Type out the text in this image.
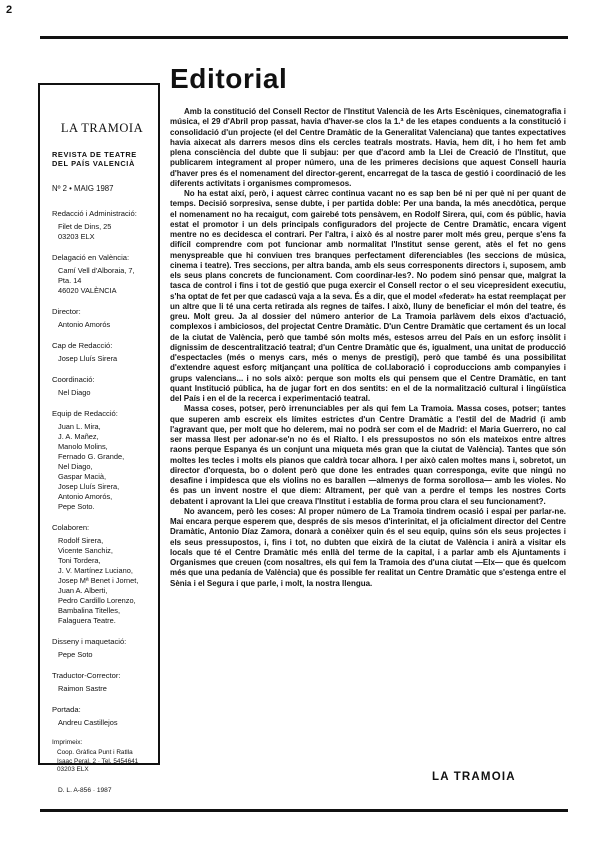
2
LA TRAMOIA
REVISTA DE TEATRE
DEL PAÍS VALENCIÀ
Nº 2 • MAIG 1987
Redacció i Administració:
Filet de Dins, 25
03203 ELX
Delagació en València:
Camí Vell d'Alboraia, 7,
Pta. 14
46020 VALÈNCIA
Director:
Antonio Amorós
Cap de Redacció:
Josep Lluís Sirera
Coordinació:
Nel Diago
Equip de Redacció:
Juan L. Mira,
J. A. Mañez,
Manolo Molins,
Fernado G. Grande,
Nel Diago,
Gaspar Macià,
Josep Lluís Sirera,
Antonio Amorós,
Pepe Soto.
Colaboren:
Rodolf Sirera,
Vicente Sanchiz,
Toni Tordera,
J. V. Martínez Luciano,
Josep Mª Benet i Jornet,
Juan A. Alberti,
Pedro Cardillo Lorenzo,
Bambalina Titelles,
Falaguera Teatre.
Disseny i maquetació:
Pepe Soto
Traductor-Corrector:
Raimon Sastre
Portada:
Andreu Castillejos
Imprimeix:
Coop. Gràfica Punt i Ratlla
Isaac Peral, 2 · Tel. 5454641
03203 ELX
D. L. A-856 · 1987
Editorial

Amb la constitució del Consell Rector de l'Institut Valencià de les Arts Escèniques, cinematografia i música, el 29 d'Abril prop passat, havia d'haver-se clos la 1.ª de les etapes conduents a la constitució i consolidació d'un projecte (el del Centre Dramàtic de la Generalitat Valenciana) que tantes expectatives havia aixecat als darrers mesos dins els cercles teatrals mostrats. Havia, hem dit, i ho hem fet amb plena consciència del dubte que li subjau: per que d'acord amb la Llei de Creació de l'Institut, que publicarem integrament al proper número, una de les primeres decisions que aquest Consell hauria d'haver pres és el nomenament del director-gerent, encarregat de la tasca de gestió i coordinació de les diferents activitats i organismes compromesos.

No ha estat així, però, i aquest càrrec continua vacant no es sap ben bé ni per què ni per quant de temps. Decisió sorpresiva, sense dubte, i per partida doble: Per una banda, la més anecdòtica, perque el nomenament no ha recaigut, com gairebé tots pensàvem, en Rodolf Sirera, qui, com és públic, havia estat el promotor i un dels principals configuradors del projecte de Centre Dramàtic, encara vigent mentre no es decidesca el contrari. Per l'altra, i això és al nostre parer molt més greu, perque s'ens fa difícil comprendre com pot funcionar amb normalitat l'Institut sense gerent, atès el fet no gens menyspreable que hi conviuen tres branques perfectament diferenciables (les seccions de música, cinema i teatre). Tres seccions, per altra banda, amb els seus corresponents directors i, suposem, amb els seus plans concrets de funcionament. Com coordinar-les?. No podem sinó pensar que, malgrat la tasca de control i fins i tot de gestió que puga exercir el Consell rector o el seu vicepresident executiu, s'ha optat de fet per que cadascú vaja a la seva. És a dir, que el model «federat» ha estat reemplaçat per un altre que li té una certa retirada als regnes de taifes. I això, lluny de beneficiar el món del teatre, és greu. Molt greu. Ja al dossier del número anterior de La Tramoia parlàvem dels eixos d'actuació, complexos i ambiciosos, del projectat Centre Dramàtic. D'un Centre Dramàtic que certament és un local de la ciutat de València, però que també són molts més, estesos arreu del País en un esforç insòlit i dignissim de descentralització teatral; d'un Centre Dramàtic que és, igualment, una unitat de producció d'espectacles (més o menys cars, més o menys de prestigi), però que també és una possibilitat d'extendre aquest esforç mitjançant una política de col.laboració i coproduccions amb companyies i grups valencians... i no sols això: perque son molts els qui pensem que el Centre Dramàtic, en tant quant Institució pública, ha de jugar fort en dos sentits: en el de la normalització cultural i lingüística del País i en el de la recerca i experimentació teatral.

Massa coses, potser, però irrenunciables per als qui fem La Tramoia. Massa coses, potser; tantes que superen amb escreix els límites estrictes d'un Centre Dramàtic a l'estil del de Madrid (i amb l'agravant que, per molt que ho delerem, mai no podrà ser com el de Madrid: el Maria Guerrero, no cal ser massa llest per adonar-se'n no és el Rialto. I els pressupostos no són els mateixos entre altres raons perque Espanya és un conjunt una miqueta més gran que la ciutat de València). Tantes que són moltes les tecles i molts els pianos que caldrà tocar alhora. I per això calen moltes mans i, sobretot, un director d'orquesta, bo o dolent però que done les entrades quan corresponga, evite que ningú no desafine i impidesca que els violins no es barallen —almenys de forma sorollosa— amb les violes. No és pas un invent nostre el que diem: Altrament, per què van a perdre el temps les nostres Corts debatent i aprovant la Llei que creava l'Institut i establia de forma prou clara el seu funcionament?.

No avancem, però les coses: Al proper número de La Tramoia tindrem ocasió i espai per parlar-ne. Mai encara perque esperem que, després de sis mesos d'interinitat, el ja oficialment director del Centre Dramàtic, Antonio Díaz Zamora, donarà a conèixer quin és el seu equip, quins són els seus projectes i els seus pressupostos, i, fins i tot, no dubten que eixirà de la ciutat de València i anirà a visitar els locals que té el Centre Dramàtic més enllà del terme de la capital, i a parlar amb els Ajuntaments i Organismes que creuen (com nosaltres, els qui fem la Tramoia des d'una ciutat —Elx— que és quelcom més que una pedanía de València) que és possible fer realitat un Centre Dramàtic que s'estenga entre el Sènia i el Segura i que parle, i molt, la nostra llengua.

LA TRAMOIA
